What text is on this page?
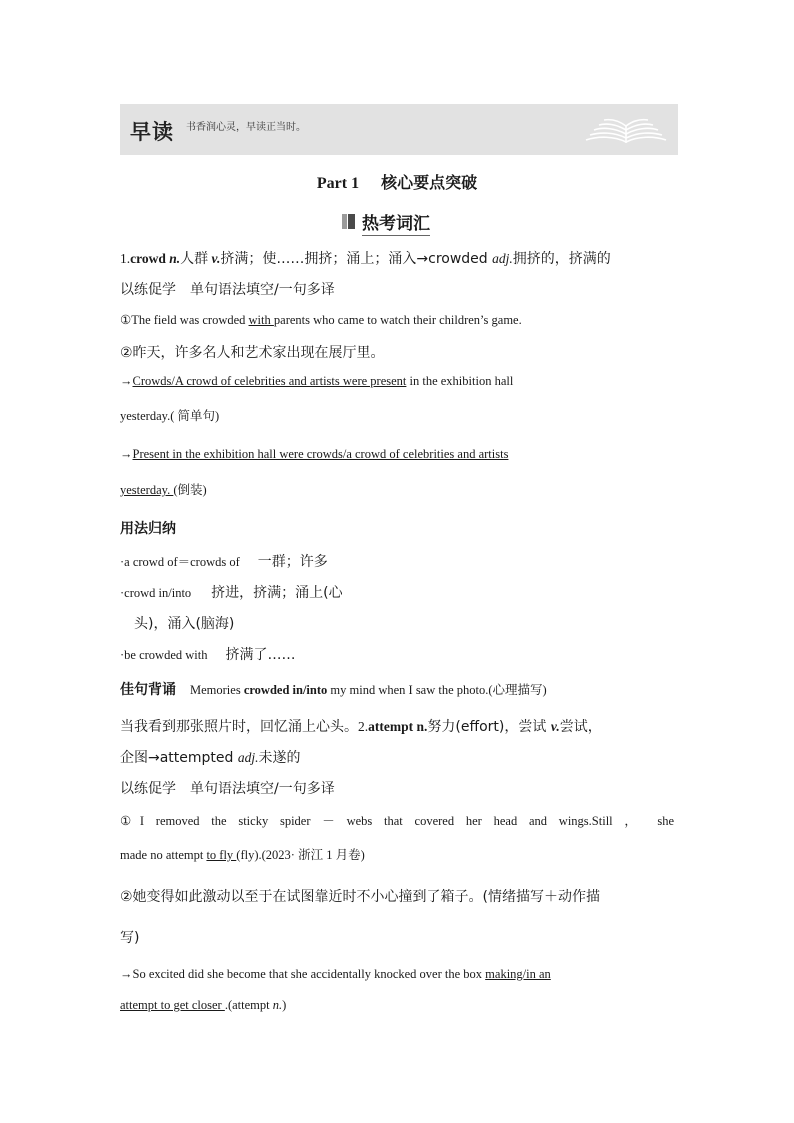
早读 书香润心灵，早读正当时。
Part 1 核心要点突破
热考词汇
1.crowd n.人群 v.挤满；使……拥挤；涌上；涌入→crowded adj.拥挤的，挤满的
以练促学　单句语法填空/一句多译
①The field was crowded with parents who came to watch their children’s game.
②昨天，许多名人和艺术家出现在展厅里。
→Crowds/A crowd of celebrities and artists were present in the exhibition hall
yesterday.( 简单句)
→Present in the exhibition hall were crowds/a crowd of celebrities and artists
yesterday. (倒装)
用法归纳
·a crowd of＝crowds of 一群；许多
·crowd in/into 挤进，挤满；涌上(心
头)，涌入(脑海)
·be crowded with 挤满了……
佳句背诵 Memories crowded in/into my mind when I saw the photo.(心理描写)
当我看到那张照片时，回忆涌上心头。2.attempt n.努力(effort)，尝试 v.尝试，
企图→attempted adj.未遂的
以练促学　单句语法填空/一句多译
①I removed the sticky spider － webs that covered her head and wings.Still ， she
made no attempt to fly (fly).(2023· 浙江 1 月卷)
②她变得如此激动以至于在试图靠近时不小心撞到了箱子。(情绪描写＋动作描
写)
→So excited did she become that she accidentally knocked over the box making/in an
attempt to get closer .(attempt n.)
